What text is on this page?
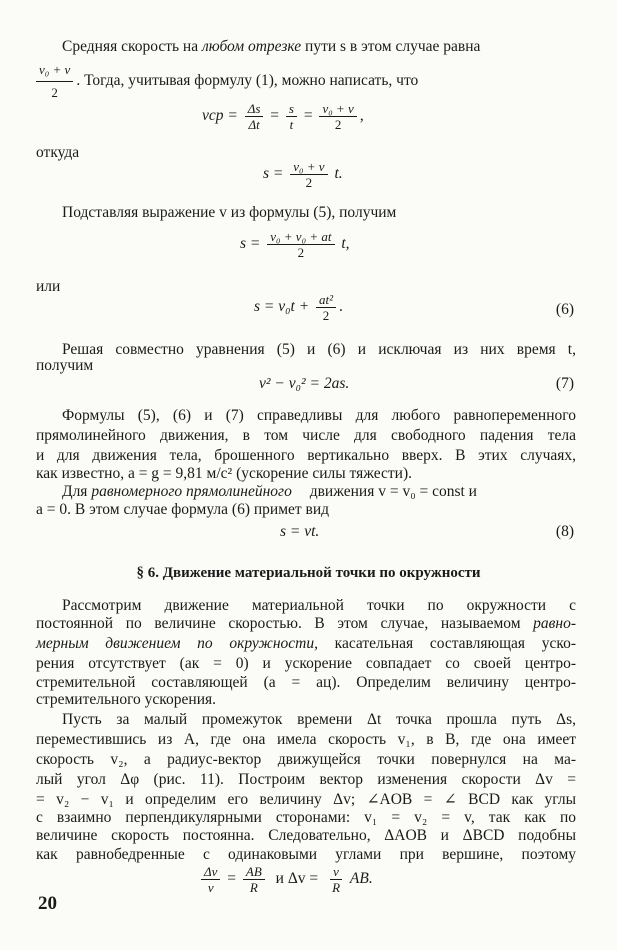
Средняя скорость на любом отрезке пути s в этом случае равна
$\frac{\text{v₀ + v}}{2}$ . Тогда, учитывая формулу (1), можно написать, что
vср = $\frac{\Delta s}{\Delta t} = \frac{s}{t} = \frac{\text{v₀ + v}}{2}$ ,
откуда
$s = \frac{\text{v₀ + v}}{2} t$.
Подставляя выражение v из формулы (5), получим
$s = \frac{\text{v₀ + v₀ + at}}{2} t$,
или
$s = v_0t + \frac{\text{at²}}{2}$ .	(6)
Решая совместно уравнения (5) и (6) и исключая из них время t,
получим
v² − v₀² = 2as.	(7)
Формулы (5), (6) и (7) справедливы для любого равнопеременного
прямолинейного движения, в том числе для свободного падения тела
и для движения тела, брошенного вертикально вверх. В этих случаях,
как известно, a = g = 9,81 м/с² (ускорение силы тяжести).
Для равномерного прямолинейного движения v = v₀ = const и
a = 0. В этом случае формула (6) примет вид
s = vt.	(8)
§ 6. Движение материальной точки по окружности
Рассмотрим движение материальной точки по окружности с
постоянной по величине скоростью. В этом случае, называемом равно-
мерным движением по окружности, касательная составляющая уско-
рения отсутствует (aк = 0) и ускорение совпадает со своей центро-
стремительной составляющей (a = aц). Определим величину центро-
стремительного ускорения.
Пусть за малый промежуток времени Δt точка прошла путь Δs,
переместившись из A, где она имела скорость v₁, в B, где она имеет
скорость v₂, а радиус-вектор движущейся точки повернулся на ма-
лый угол Δφ (рис. 11). Построим вектор изменения скорости Δv =
= v₂ − v₁ и определим его величину Δv; ∠AOB = ∠ BCD как углы
с взаимно перпендикулярными сторонами: v₁ = v₂ = v, так как по
величине скорость постоянна. Следовательно, ΔAOB и ΔBCD подобны
как равнобедренные с одинаковыми углами при вершине, поэтому
$\frac{\Delta v}{v} = \frac{AB}{R}$ и $\Delta v = \frac{v}{R}$ AB.
20
